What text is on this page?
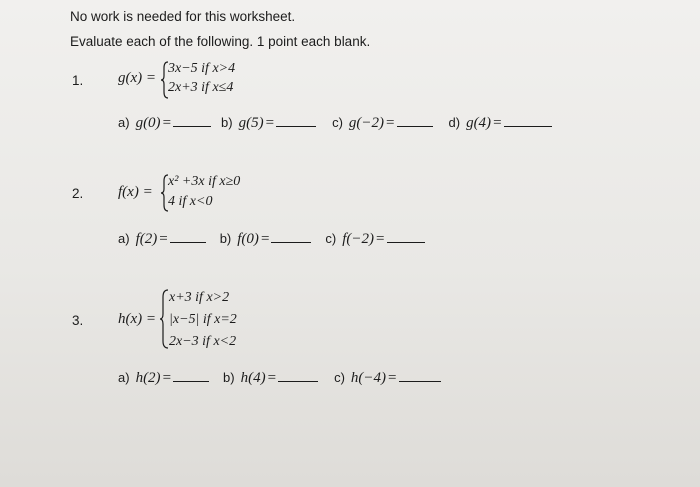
No work is needed for this worksheet.
Evaluate each of the following. 1 point each blank.
1. g(x) =
3x−5 if x>4
2x+3 if x≤4
a) g(0) =	b) g(5) =	c) g(−2) =	d) g(4) =
2. f(x) =
x² +3x if x≥0
4 if x<0
a) f(2) =	b) f(0) =	c) f(−2) =
3. h(x) =
x+3 if x>2
|x−5| if x=2
2x−3 if x<2
a) h(2) =	b) h(4) =	c) h(−4) =
